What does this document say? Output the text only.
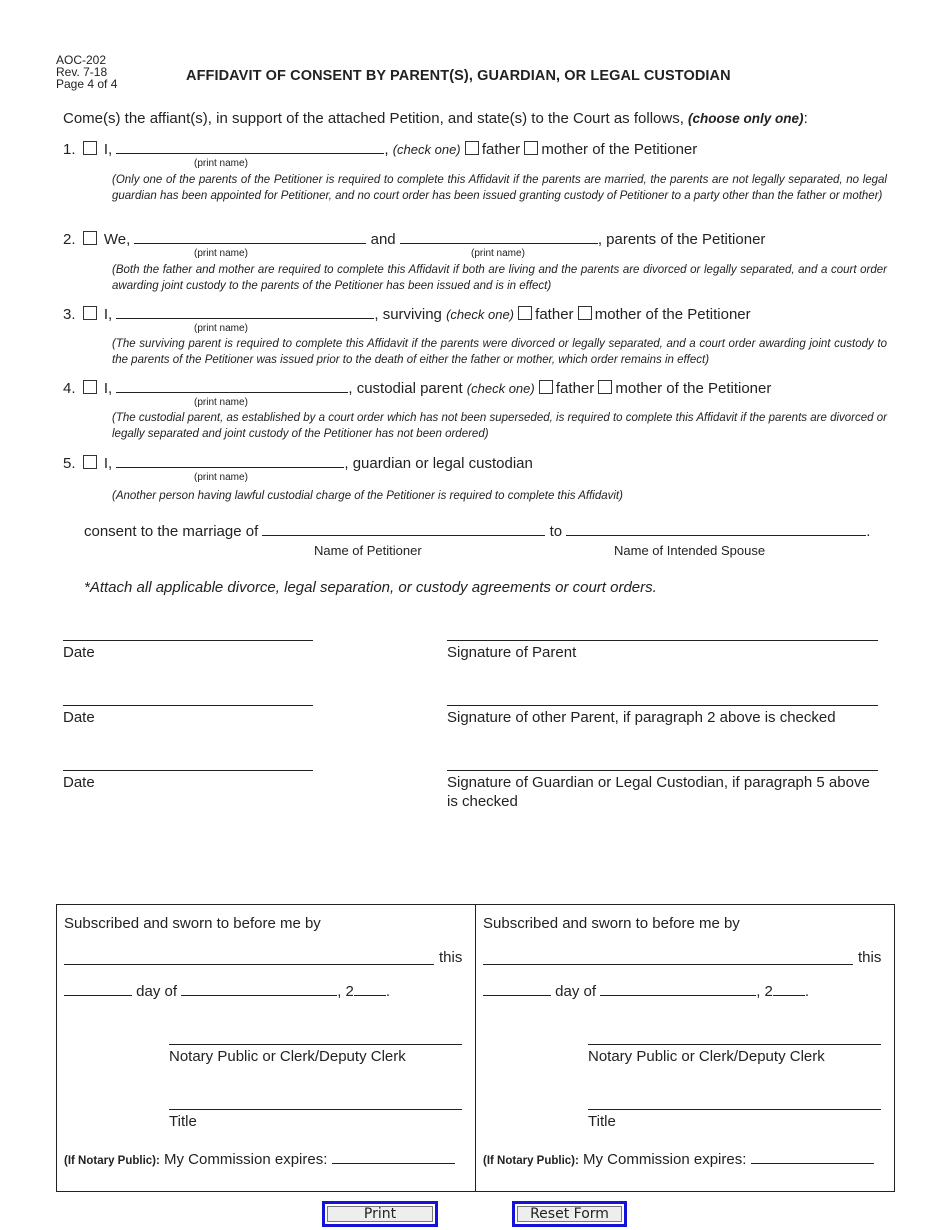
AOC-202
Rev. 7-18
Page 4 of 4	AFFIDAVIT OF CONSENT BY PARENT(S), GUARDIAN, OR LEGAL CUSTODIAN
Come(s) the affiant(s), in support of the attached Petition, and state(s) to the Court as follows, (choose only one):
1. I,	, (check one) father mother of the Petitioner
(print name)
(Only one of the parents of the Petitioner is required to complete this Affidavit if the parents are married, the parents are not legally separated, no legal guardian has been appointed for Petitioner, and no court order has been issued granting custody of Petitioner to a party other than the father or mother)
2. We,	and	, parents of the Petitioner
(print name)	(print name)
(Both the father and mother are required to complete this Affidavit if both are living and the parents are divorced or legally separated, and a court order awarding joint custody to the parents of the Petitioner has been issued and is in effect)
3. I,	, surviving (check one) father mother of the Petitioner
(print name)
(The surviving parent is required to complete this Affidavit if the parents were divorced or legally separated, and a court order awarding joint custody to the parents of the Petitioner was issued prior to the death of either the father or mother, which order remains in effect)
4. I,	, custodial parent (check one) father mother of the Petitioner
(print name)
(The custodial parent, as established by a court order which has not been superseded, is required to complete this Affidavit if the parents are divorced or legally separated and joint custody of the Petitioner has not been ordered)
5. I,	, guardian or legal custodian
(print name)
(Another person having lawful custodial charge of the Petitioner is required to complete this Affidavit)
consent to the marriage of	to	.
Name of Petitioner	Name of Intended Spouse
*Attach all applicable divorce, legal separation, or custody agreements or court orders.
Date	Signature of Parent
Date	Signature of other Parent, if paragraph 2 above is checked
Date	Signature of Guardian or Legal Custodian, if paragraph 5 above
is checked
Subscribed and sworn to before me by
this
day of	, 2 .
Notary Public or Clerk/Deputy Clerk
Title
(If Notary Public): My Commission expires:
Subscribed and sworn to before me by
this
day of	, 2 .
Notary Public or Clerk/Deputy Clerk
Title
(If Notary Public): My Commission expires:
Print	Reset Form
